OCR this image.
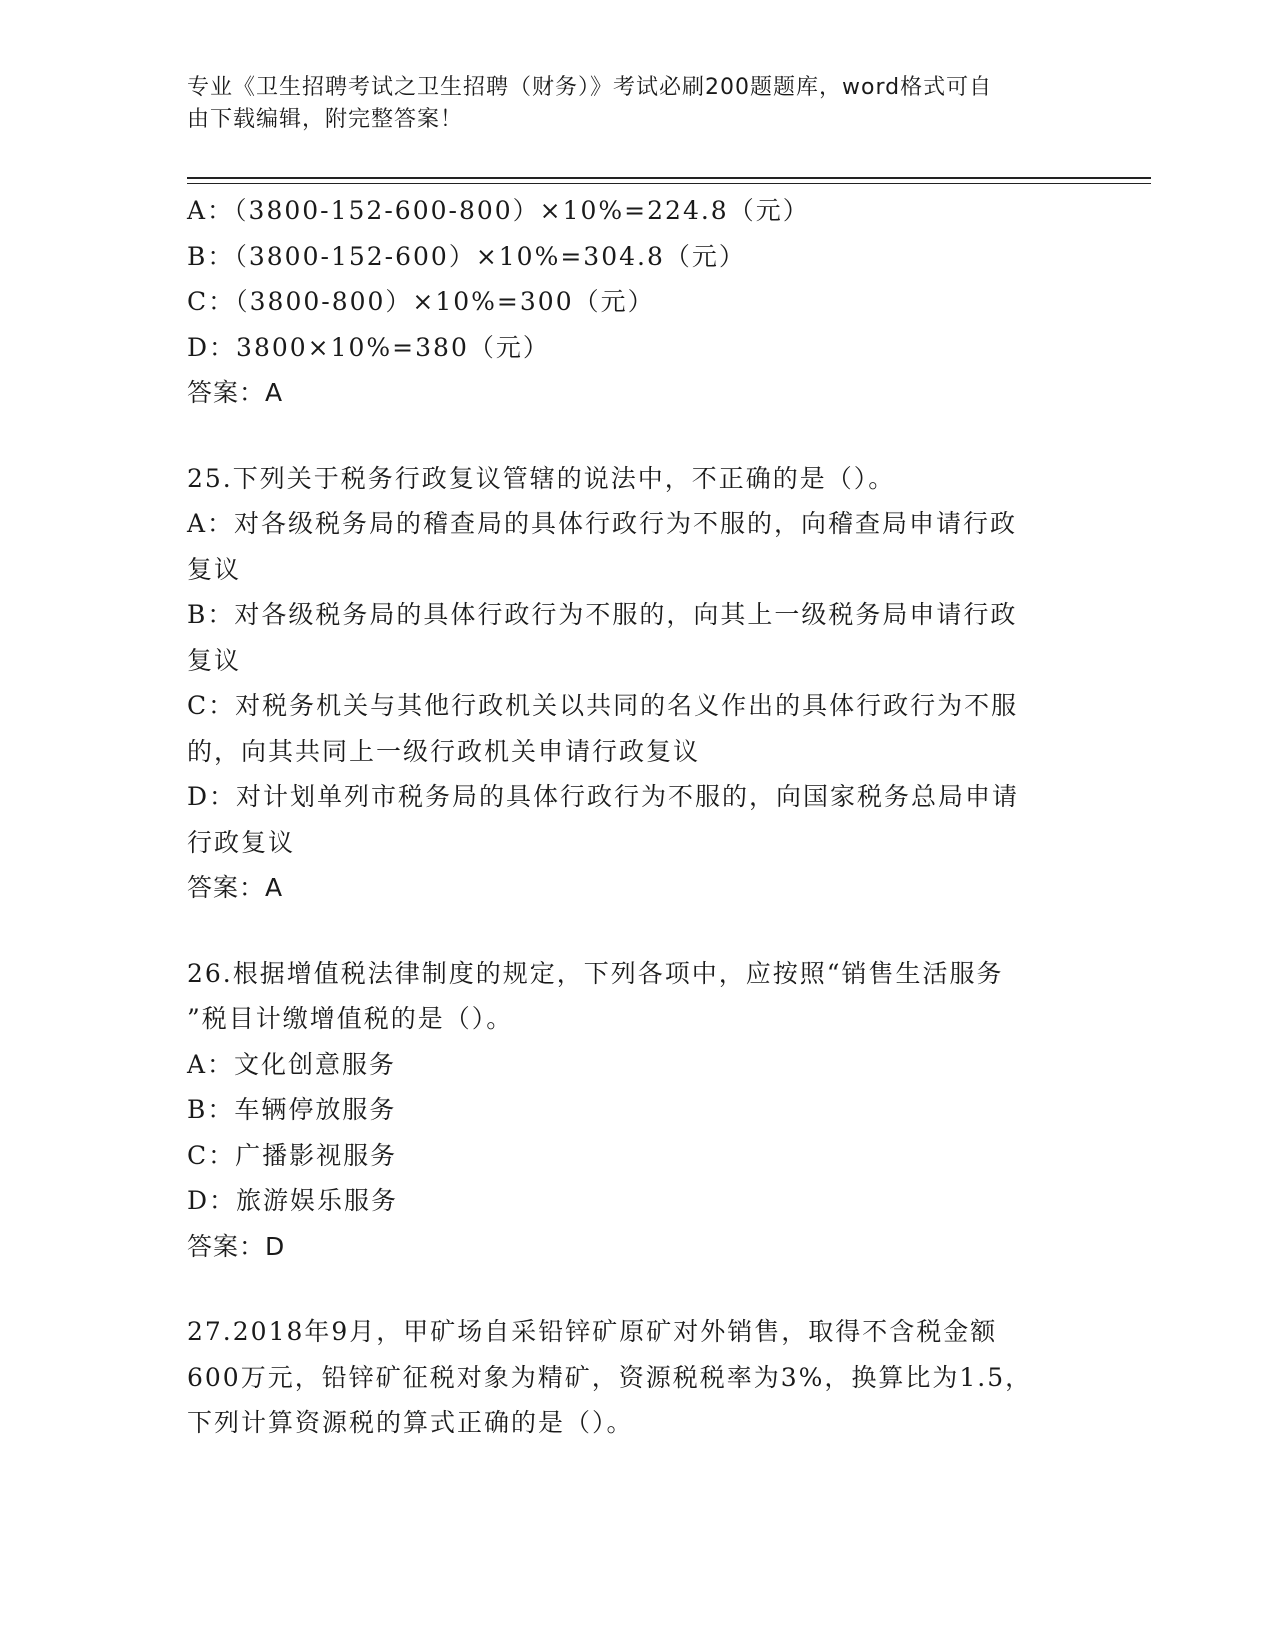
专业《卫生招聘考试之卫生招聘（财务）》考试必刷200题题库，word格式可自
由下载编辑，附完整答案！
A：（3800-152-600-800）×10%=224.8（元）
B：（3800-152-600）×10%=304.8（元）
C：（3800-800）×10%=300（元）
D：3800×10%=380（元）
答案：A
25.下列关于税务行政复议管辖的说法中，不正确的是（）。
A：对各级税务局的稽查局的具体行政行为不服的，向稽查局申请行政
复议
B：对各级税务局的具体行政行为不服的，向其上一级税务局申请行政
复议
C：对税务机关与其他行政机关以共同的名义作出的具体行政行为不服
的，向其共同上一级行政机关申请行政复议
D：对计划单列市税务局的具体行政行为不服的，向国家税务总局申请
行政复议
答案：A
26.根据增值税法律制度的规定，下列各项中，应按照“销售生活服务
”税目计缴增值税的是（）。
A：文化创意服务
B：车辆停放服务
C：广播影视服务
D：旅游娱乐服务
答案：D
27.2018年9月，甲矿场自采铅锌矿原矿对外销售，取得不含税金额
600万元，铅锌矿征税对象为精矿，资源税税率为3%，换算比为1.5，
下列计算资源税的算式正确的是（）。
